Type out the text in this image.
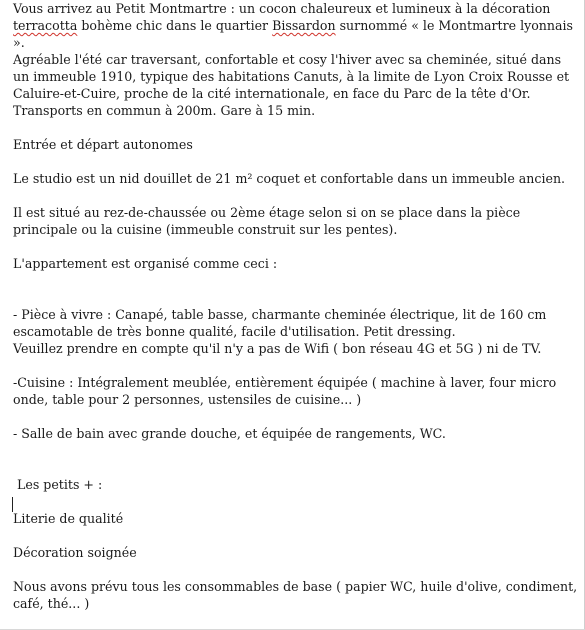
Vous arrivez au Petit Montmartre : un cocon chaleureux et lumineux à la décoration terracotta bohème chic dans le quartier Bissardon surnommé « le Montmartre lyonnais ».

Agréable l'été car traversant, confortable et cosy l'hiver avec sa cheminée, situé dans un immeuble 1910, typique des habitations Canuts, à la limite de Lyon Croix Rousse et Caluire-et-Cuire, proche de la cité internationale, en face du Parc de la tête d'Or. Transports en commun à 200m. Gare à 15 min.

Entrée et départ autonomes

Le studio est un nid douillet de 21 m² coquet et confortable dans un immeuble ancien.

Il est situé au rez-de-chaussée ou 2ème étage selon si on se place dans la pièce principale ou la cuisine (immeuble construit sur les pentes).

L'appartement est organisé comme ceci :

- Pièce à vivre : Canapé, table basse, charmante cheminée électrique, lit de 160 cm escamotable de très bonne qualité, facile d'utilisation. Petit dressing.

Veuillez prendre en compte qu'il n'y a pas de Wifi ( bon réseau 4G et 5G ) ni de TV.

-Cuisine : Intégralement meublée, entièrement équipée ( machine à laver, four micro onde, table pour 2 personnes, ustensiles de cuisine... )

- Salle de bain avec grande douche, et équipée de rangements, WC.

Les petits + :

Literie de qualité

Décoration soignée

Nous avons prévu tous les consommables de base ( papier WC, huile d'olive, condiment, café, thé... )
